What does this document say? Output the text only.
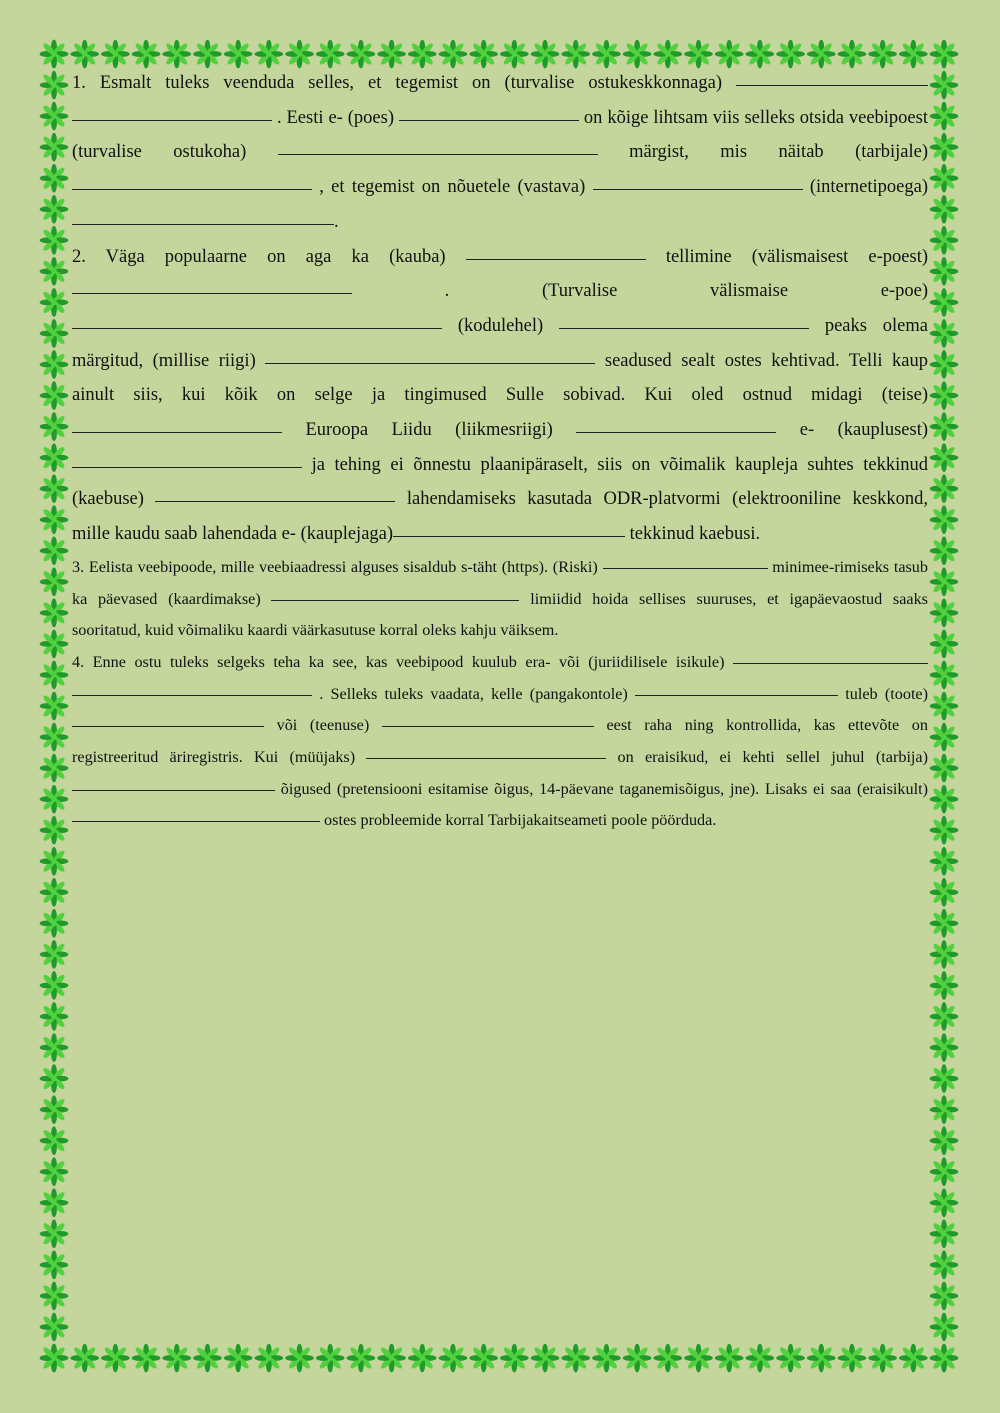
1. Esmalt tuleks veenduda selles, et tegemist on (turvalise ostukeskkonnaga)   . Eesti e- (poes)	on kõige lihtsam viis selleks otsida veebipoest (turvalise ostukoha)	märgist, mis näitab (tarbijale)  , et tegemist on nõuetele (vastava)	(internetipoega) .

2. Väga populaarne on aga ka (kauba)	tellimine (välismaisest e-poest) . (Turvalise välismaise e-poe)  (kodulehel)	peaks olema märgitud, (millise riigi)	seadused sealt ostes kehtivad. Telli kaup ainult siis, kui kõik on selge ja tingimused Sulle sobivad. Kui oled ostnud midagi (teise)  Euroopa Liidu (liikmesriigi)	e- (kauplusest)  ja tehing ei õnnestu plaanipäraselt, siis on võimalik kaupleja suhtes tekkinud (kaebuse)	lahendamiseks kasutada ODR-platvormi (elektrooniline keskkond, mille kaudu saab lahendada e- (kauplejaga)	tekkinud kaebusi.

3. Eelista veebipoode, mille veebiaadressi alguses sisaldub s-täht (https). (Riski)	minimee-rimiseks tasub ka päevased (kaardimakse)	limiidid hoida sellises suuruses, et igapäevaostud saaks sooritatud, kuid võimaliku kaardi väärkasutuse korral oleks kahju väiksem.

4. Enne ostu tuleks selgeks teha ka see, kas veebipood kuulub era- või (juriidilisele isikule)   . Selleks tuleks vaadata, kelle (pangakontole)	tuleb (toote)  või (teenuse)	eest raha ning kontrollida, kas ettevõte on registreeritud äriregistris. Kui (müüjaks)	on eraisikud, ei kehti sellel juhul (tarbija)  õigused (pretensiooni esitamise õigus, 14-päevane taganemisõigus, jne). Lisaks ei saa (eraisikult)  ostes probleemide korral Tarbijakaitseameti poole pöörduda.
